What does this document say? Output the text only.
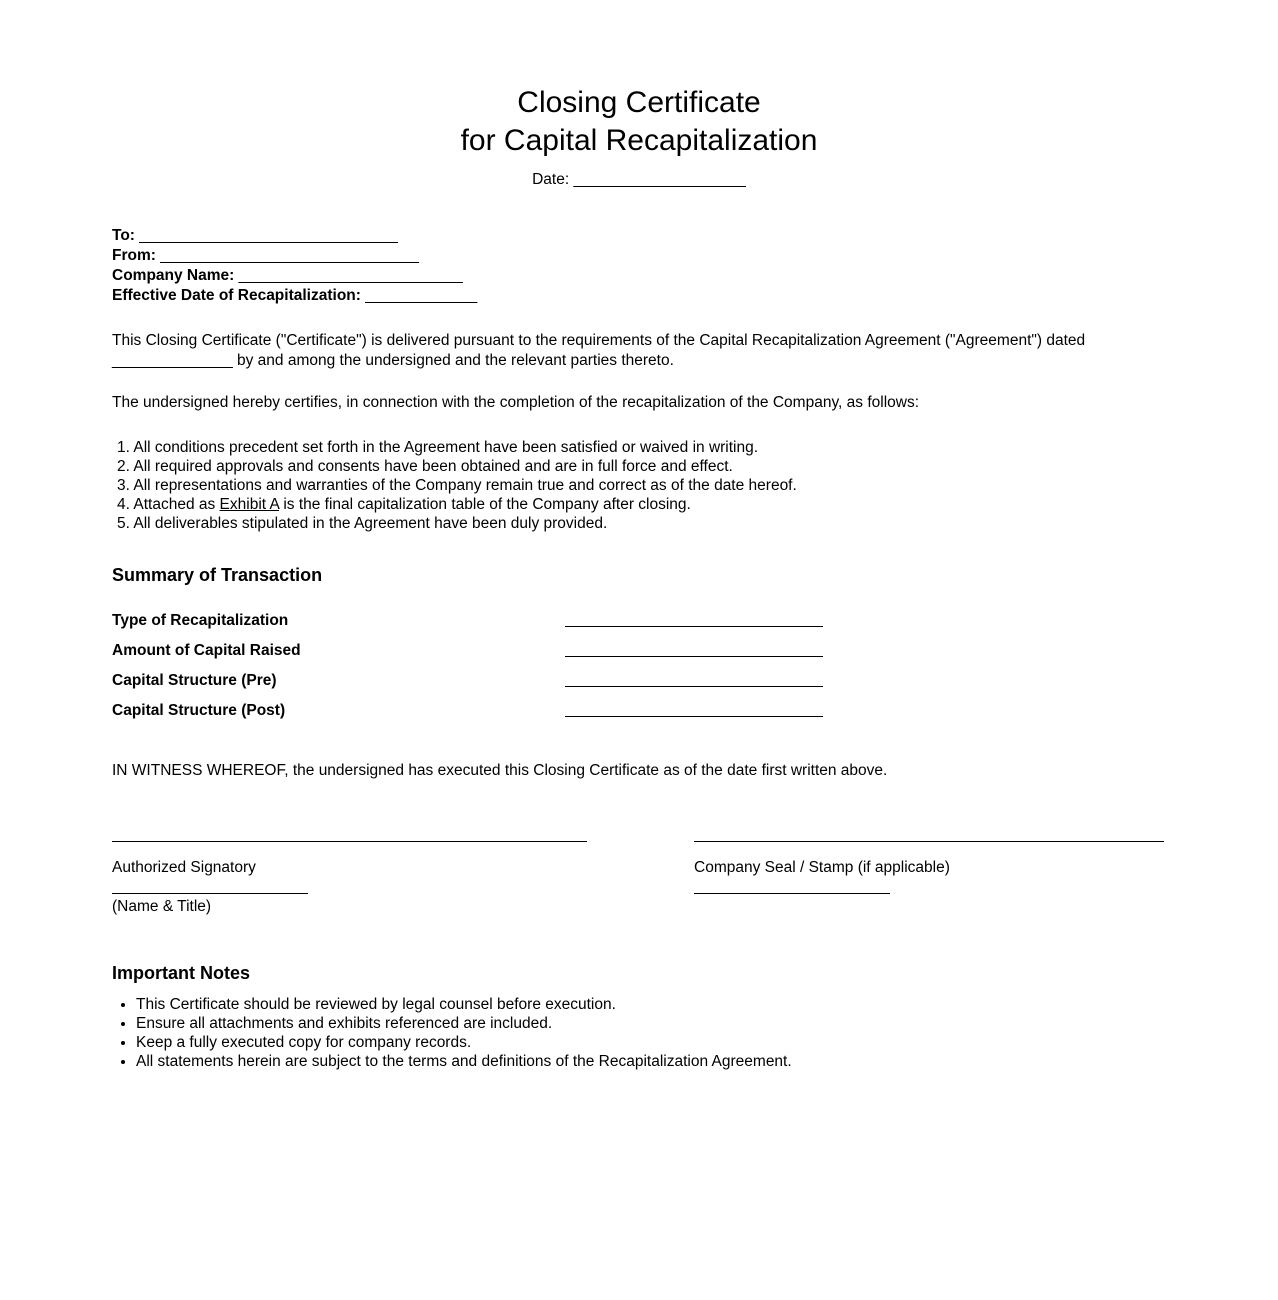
Closing Certificate
for Capital Recapitalization
Date: ____________________
To: ______________________________
From: ______________________________
Company Name: __________________________
Effective Date of Recapitalization: _____________

This Closing Certificate ("Certificate") is delivered pursuant to the requirements of the Capital Recapitalization Agreement ("Agreement") dated
______________ by and among the undersigned and the relevant parties thereto.

The undersigned hereby certifies, in connection with the completion of the recapitalization of the Company, as follows:

1. All conditions precedent set forth in the Agreement have been satisfied or waived in writing.
2. All required approvals and consents have been obtained and are in full force and effect.
3. All representations and warranties of the Company remain true and correct as of the date hereof.
4. Attached as Exhibit A is the final capitalization table of the Company after closing.
5. All deliverables stipulated in the Agreement have been duly provided.
Summary of Transaction
Type of Recapitalization
Amount of Capital Raised
Capital Structure (Pre)
Capital Structure (Post)

IN WITNESS WHEREOF, the undersigned has executed this Closing Certificate as of the date first written above.

Authorized Signatory
(Name & Title)
Company Seal / Stamp (if applicable)
Important Notes
• This Certificate should be reviewed by legal counsel before execution.
• Ensure all attachments and exhibits referenced are included.
• Keep a fully executed copy for company records.
• All statements herein are subject to the terms and definitions of the Recapitalization Agreement.
